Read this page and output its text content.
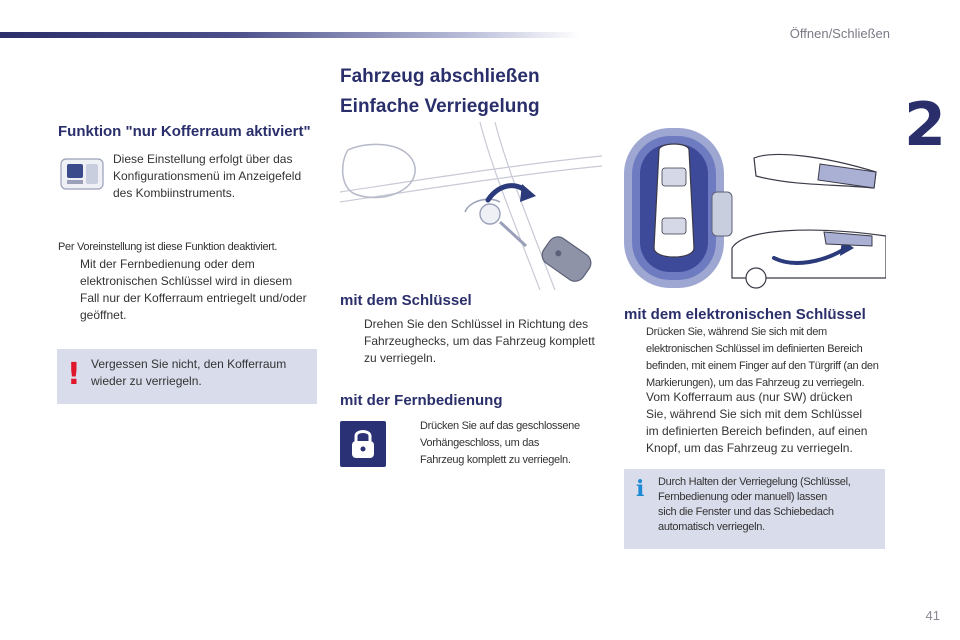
Öffnen/Schließen
2
Fahrzeug abschließen
Einfache Verriegelung
Funktion "nur Kofferraum aktiviert"
Diese Einstellung erfolgt über das
Konfigurationsmenü im Anzeigefeld
des Kombiinstruments.
Per Voreinstellung ist diese Funktion deaktiviert.
Mit der Fernbedienung oder dem
elektronischen Schlüssel wird in diesem
Fall nur der Kofferraum entriegelt und/oder
geöffnet.
! Vergessen Sie nicht, den Kofferraum
wieder zu verriegeln.
mit dem Schlüssel
Drehen Sie den Schlüssel in Richtung des
Fahrzeughecks, um das Fahrzeug komplett
zu verriegeln.
mit der Fernbedienung
Drücken Sie auf das geschlossene
Vorhängeschloss, um das
Fahrzeug komplett zu verriegeln.
mit dem elektronischen Schlüssel
Drücken Sie, während Sie sich mit dem
elektronischen Schlüssel im definierten Bereich
befinden, mit einem Finger auf den Türgriff (an den
Markierungen), um das Fahrzeug zu verriegeln.
Vom Kofferraum aus (nur SW) drücken
Sie, während Sie sich mit dem Schlüssel
im definierten Bereich befinden, auf einen
Knopf, um das Fahrzeug zu verriegeln.
i Durch Halten der Verriegelung (Schlüssel,
Fernbedienung oder manuell) lassen
sich die Fenster und das Schiebedach
automatisch verriegeln.
41
